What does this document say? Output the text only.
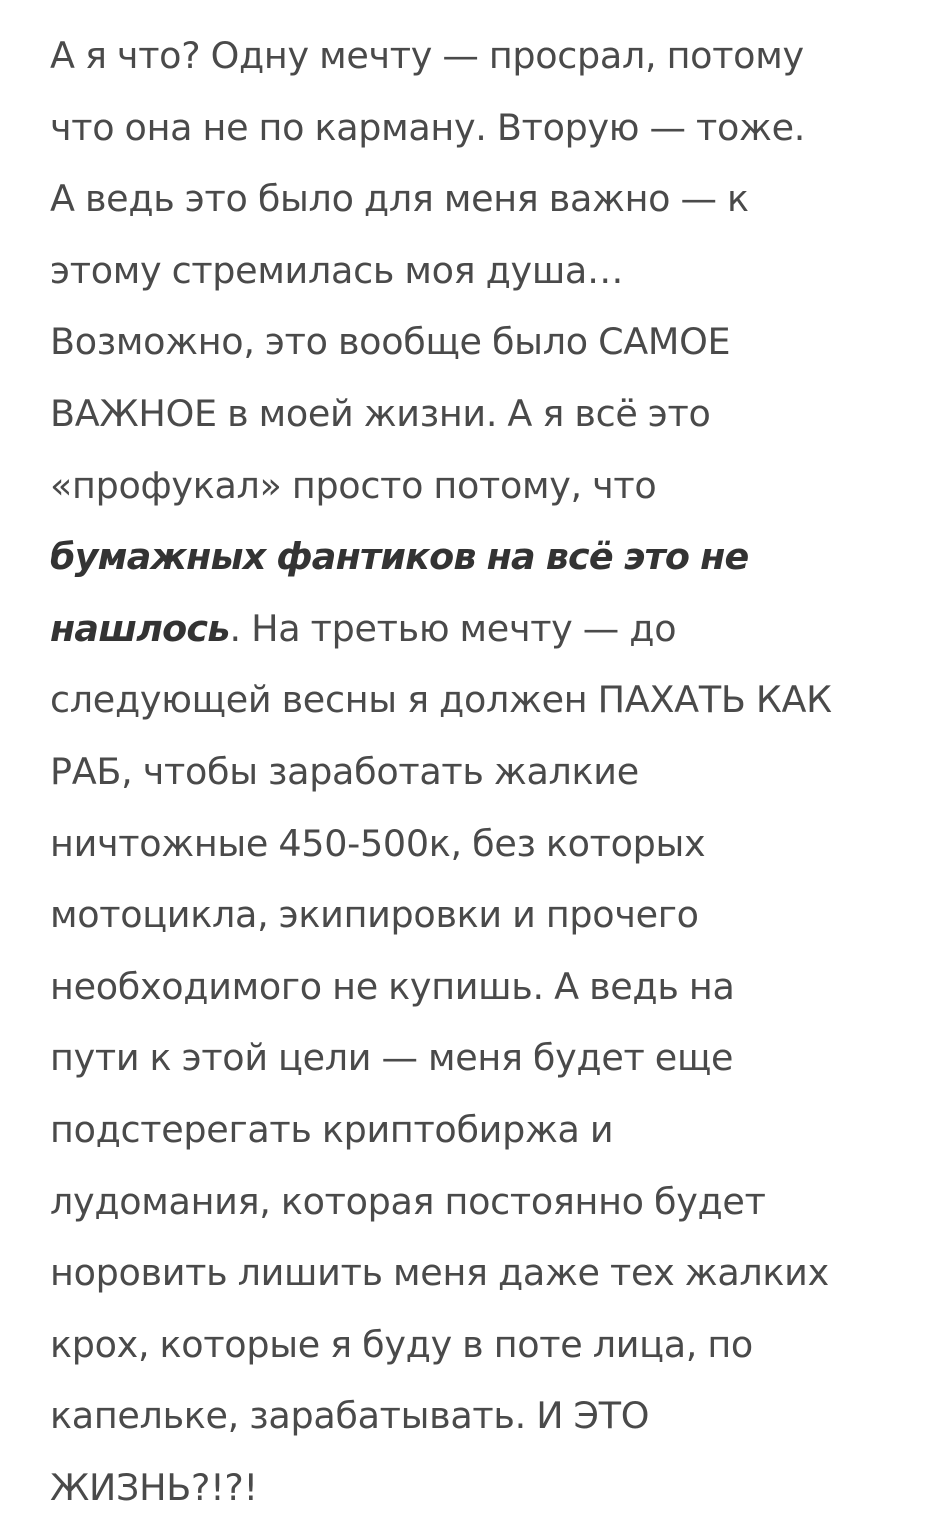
А я что? Одну мечту — просрал, потому
что она не по карману. Вторую — тоже.
А ведь это было для меня важно — к
этому стремилась моя душа…
Возможно, это вообще было САМОЕ
ВАЖНОЕ в моей жизни. А я всё это
«профукал» просто потому, что
бумажных фантиков на всё это не
нашлось. На третью мечту — до
следующей весны я должен ПАХАТЬ КАК
РАБ, чтобы заработать жалкие
ничтожные 450-500к, без которых
мотоцикла, экипировки и прочего
необходимого не купишь. А ведь на
пути к этой цели — меня будет еще
подстерегать криптобиржа и
лудомания, которая постоянно будет
норовить лишить меня даже тех жалких
крох, которые я буду в поте лица, по
капельке, зарабатывать. И ЭТО
ЖИЗНЬ?!?!
